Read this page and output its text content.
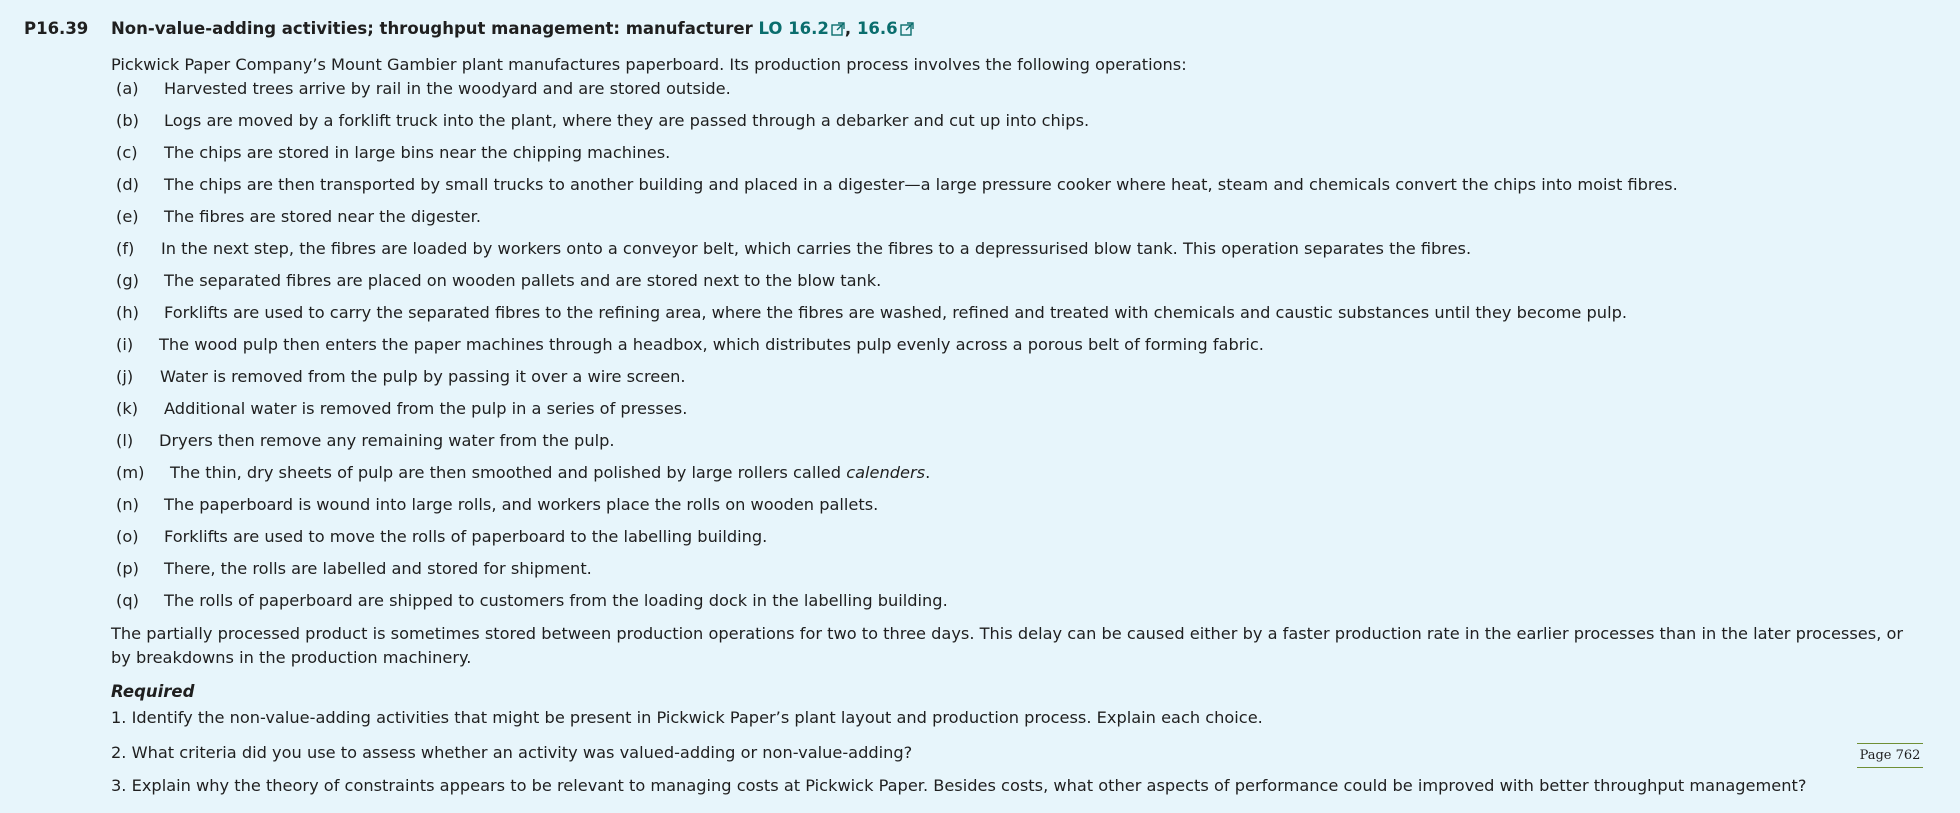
P16.39 Non-value-adding activities; throughput management: manufacturer LO 16.2 , 16.6
Pickwick Paper Company’s Mount Gambier plant manufactures paperboard. Its production process involves the following operations:
(a) Harvested trees arrive by rail in the woodyard and are stored outside.
(b) Logs are moved by a forklift truck into the plant, where they are passed through a debarker and cut up into chips.
(c) The chips are stored in large bins near the chipping machines.
(d) The chips are then transported by small trucks to another building and placed in a digester—a large pressure cooker where heat, steam and chemicals convert the chips into moist fibres.
(e) The fibres are stored near the digester.
(f) In the next step, the fibres are loaded by workers onto a conveyor belt, which carries the fibres to a depressurised blow tank. This operation separates the fibres.
(g) The separated fibres are placed on wooden pallets and are stored next to the blow tank.
(h) Forklifts are used to carry the separated fibres to the refining area, where the fibres are washed, refined and treated with chemicals and caustic substances until they become pulp.
(i) The wood pulp then enters the paper machines through a headbox, which distributes pulp evenly across a porous belt of forming fabric.
(j) Water is removed from the pulp by passing it over a wire screen.
(k) Additional water is removed from the pulp in a series of presses.
(l) Dryers then remove any remaining water from the pulp.
(m) The thin, dry sheets of pulp are then smoothed and polished by large rollers called calenders.
(n) The paperboard is wound into large rolls, and workers place the rolls on wooden pallets.
(o) Forklifts are used to move the rolls of paperboard to the labelling building.
(p) There, the rolls are labelled and stored for shipment.
(q) The rolls of paperboard are shipped to customers from the loading dock in the labelling building.
The partially processed product is sometimes stored between production operations for two to three days. This delay can be caused either by a faster production rate in the earlier processes than in the later processes, or by breakdowns in the production machinery.
Required
1. Identify the non-value-adding activities that might be present in Pickwick Paper’s plant layout and production process. Explain each choice.
2. What criteria did you use to assess whether an activity was valued-adding or non-value-adding?
3. Explain why the theory of constraints appears to be relevant to managing costs at Pickwick Paper. Besides costs, what other aspects of performance could be improved with better throughput management?
Page 762
